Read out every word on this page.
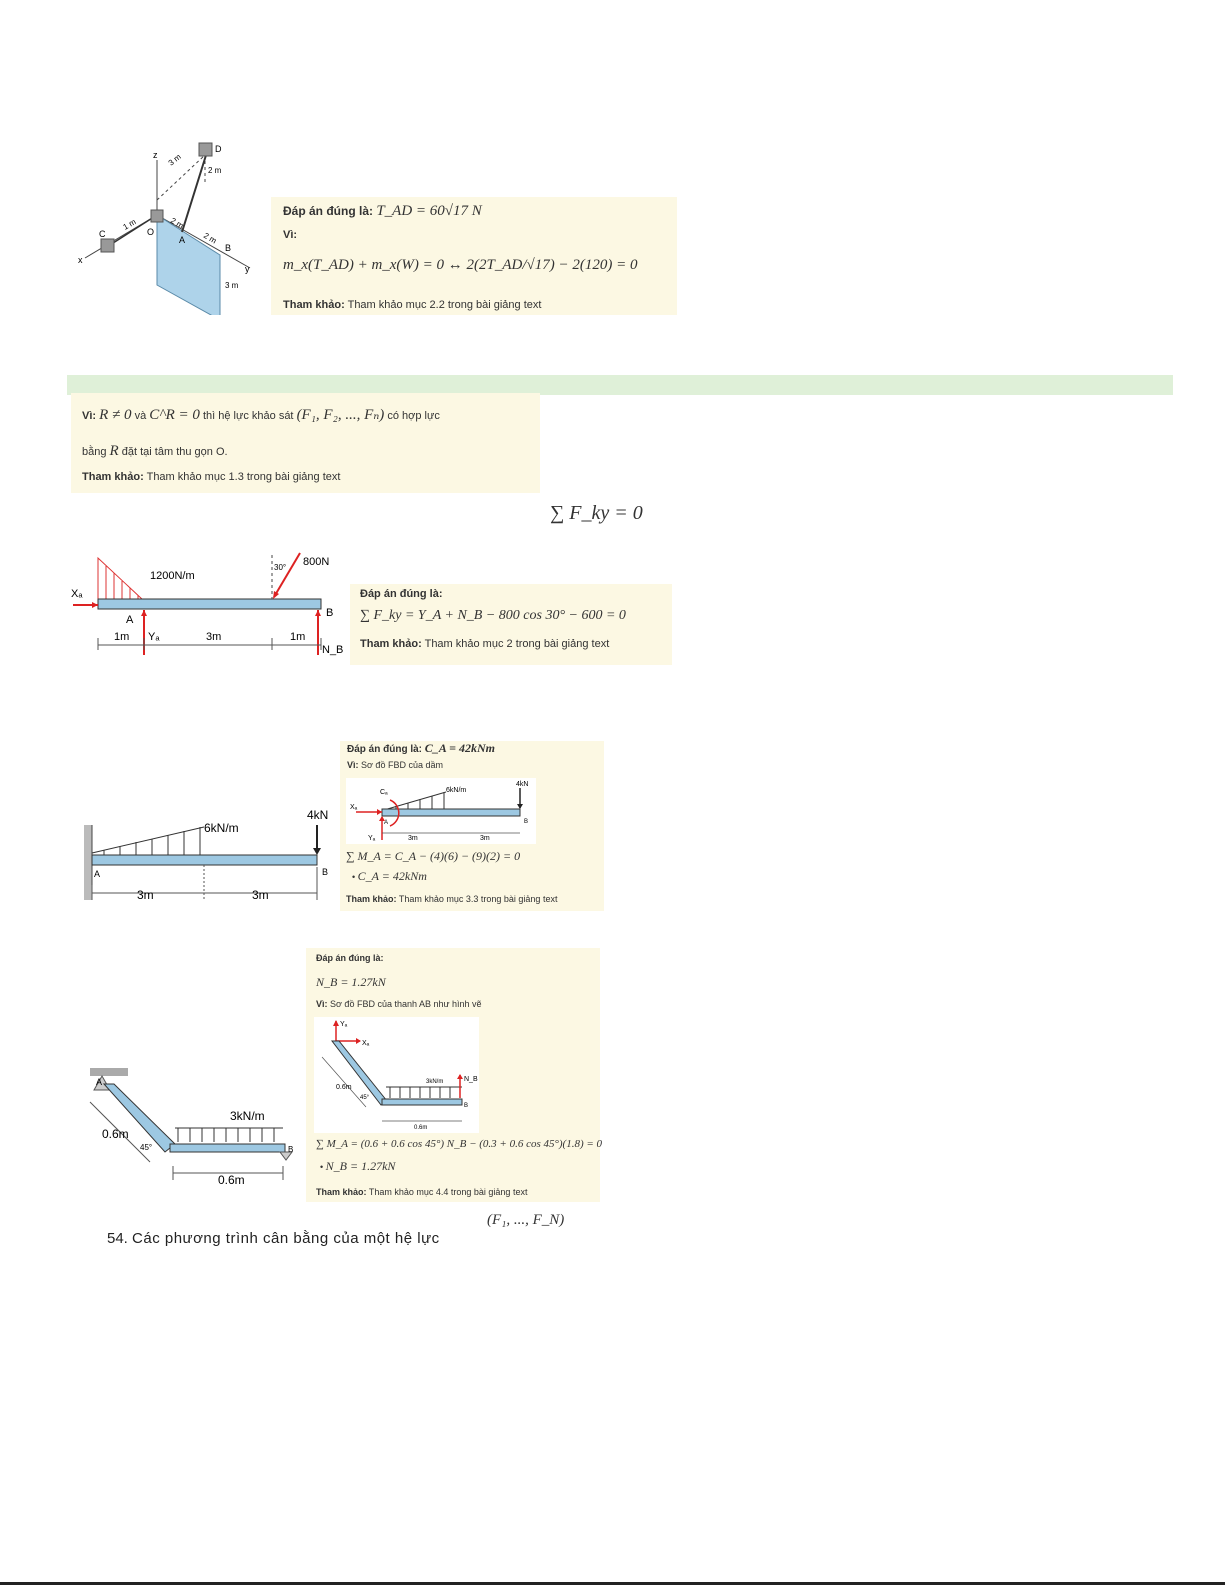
z
D
3 m
2 m
O
C
1 m	2 m
A 2 m
B
x
y
3 m
Đáp án đúng là: T_AD = 60√17 N
Vì:
m_x(T_AD) + m_x(W) = 0 ↔ 2(2T_AD/√17) − 2(120) = 0
Tham khảo: Tham khảo mục 2.2 trong bài giảng text
Vì: R ≠ 0 và C^R = 0 thì hệ lực khảo sát (F₁, F₂, ..., Fₙ) có hợp lực
bằng R đặt tại tâm thu gọn O.
Tham khảo: Tham khảo mục 1.3 trong bài giảng text
∑ F_ky = 0
Xₐ
1200N/m
30° 800N
A
B
Yₐ
N_B
1m	3m	1m
Đáp án đúng là:
∑ F_ky = Y_A + N_B − 800 cos 30° − 600 = 0
Tham khảo: Tham khảo mục 2 trong bài giảng text
6kN/m
4kN
A	B
3m	3m
Đáp án đúng là: C_A = 42kNm
Vì: Sơ đồ FBD của dầm
Cₐ	6kN/m
4kN
Xₐ
A
Yₐ
B
3m	3m
∑ M_A = C_A − (4)(6) − (9)(2) = 0
• C_A = 42kNm
Tham khảo: Tham khảo mục 3.3 trong bài giảng text
A
0.6m
45°
3kN/m
B
0.6m
Đáp án đúng là:
N_B = 1.27kN
Vì: Sơ đồ FBD của thanh AB như hình vẽ
Yₐ
Xₐ
0.6m
45°
3kN/m	N_B
B
0.6m
∑ M_A = (0.6 + 0.6 cos 45°) N_B − (0.3 + 0.6 cos 45°)(1.8) = 0
• N_B = 1.27kN
Tham khảo: Tham khảo mục 4.4 trong bài giảng text
54. Các phương trình cân bằng của một hệ lực
(F₁, ..., F_N)
